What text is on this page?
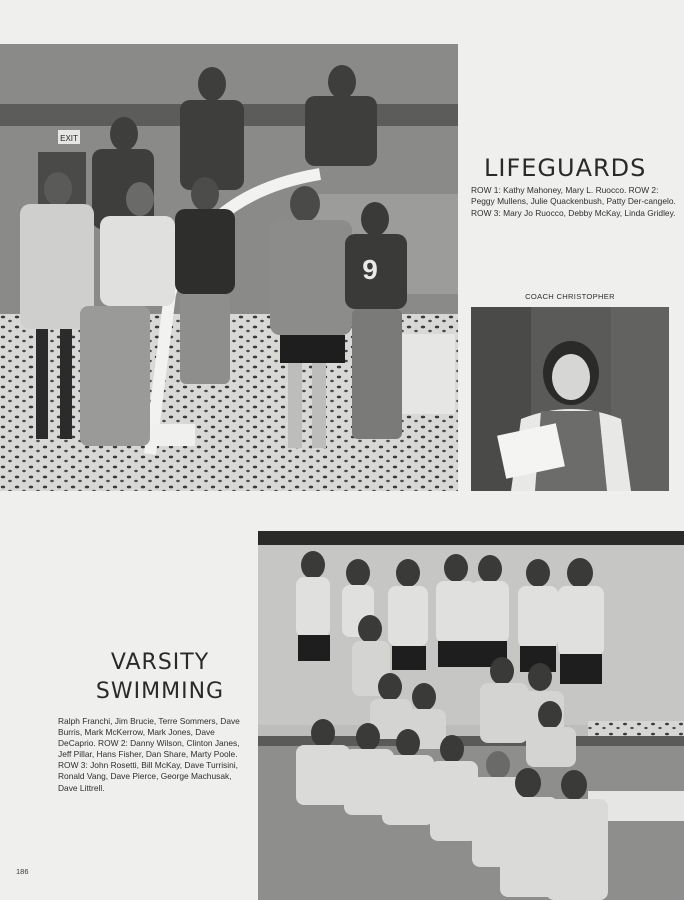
EXIT
9
LIFEGUARDS
ROW 1: Kathy Mahoney, Mary L. Ruocco. ROW 2: Peggy Mullens, Julie Quackenbush, Patty Der-cangelo. ROW 3: Mary Jo Ruocco, Debby McKay, Linda Gridley.
COACH CHRISTOPHER
VARSITY
SWIMMING
Ralph Franchi, Jim Brucie, Terre Sommers, Dave Burris, Mark McKerrow, Mark Jones, Dave DeCaprio. ROW 2: Danny Wilson, Clinton Janes, Jeff Pillar, Hans Fisher, Dan Share, Marty Poole. ROW 3: John Rosetti, Bill McKay, Dave Turrisini, Ronald Vang, Dave Pierce, George Machusak, Dave Littrell.
186
